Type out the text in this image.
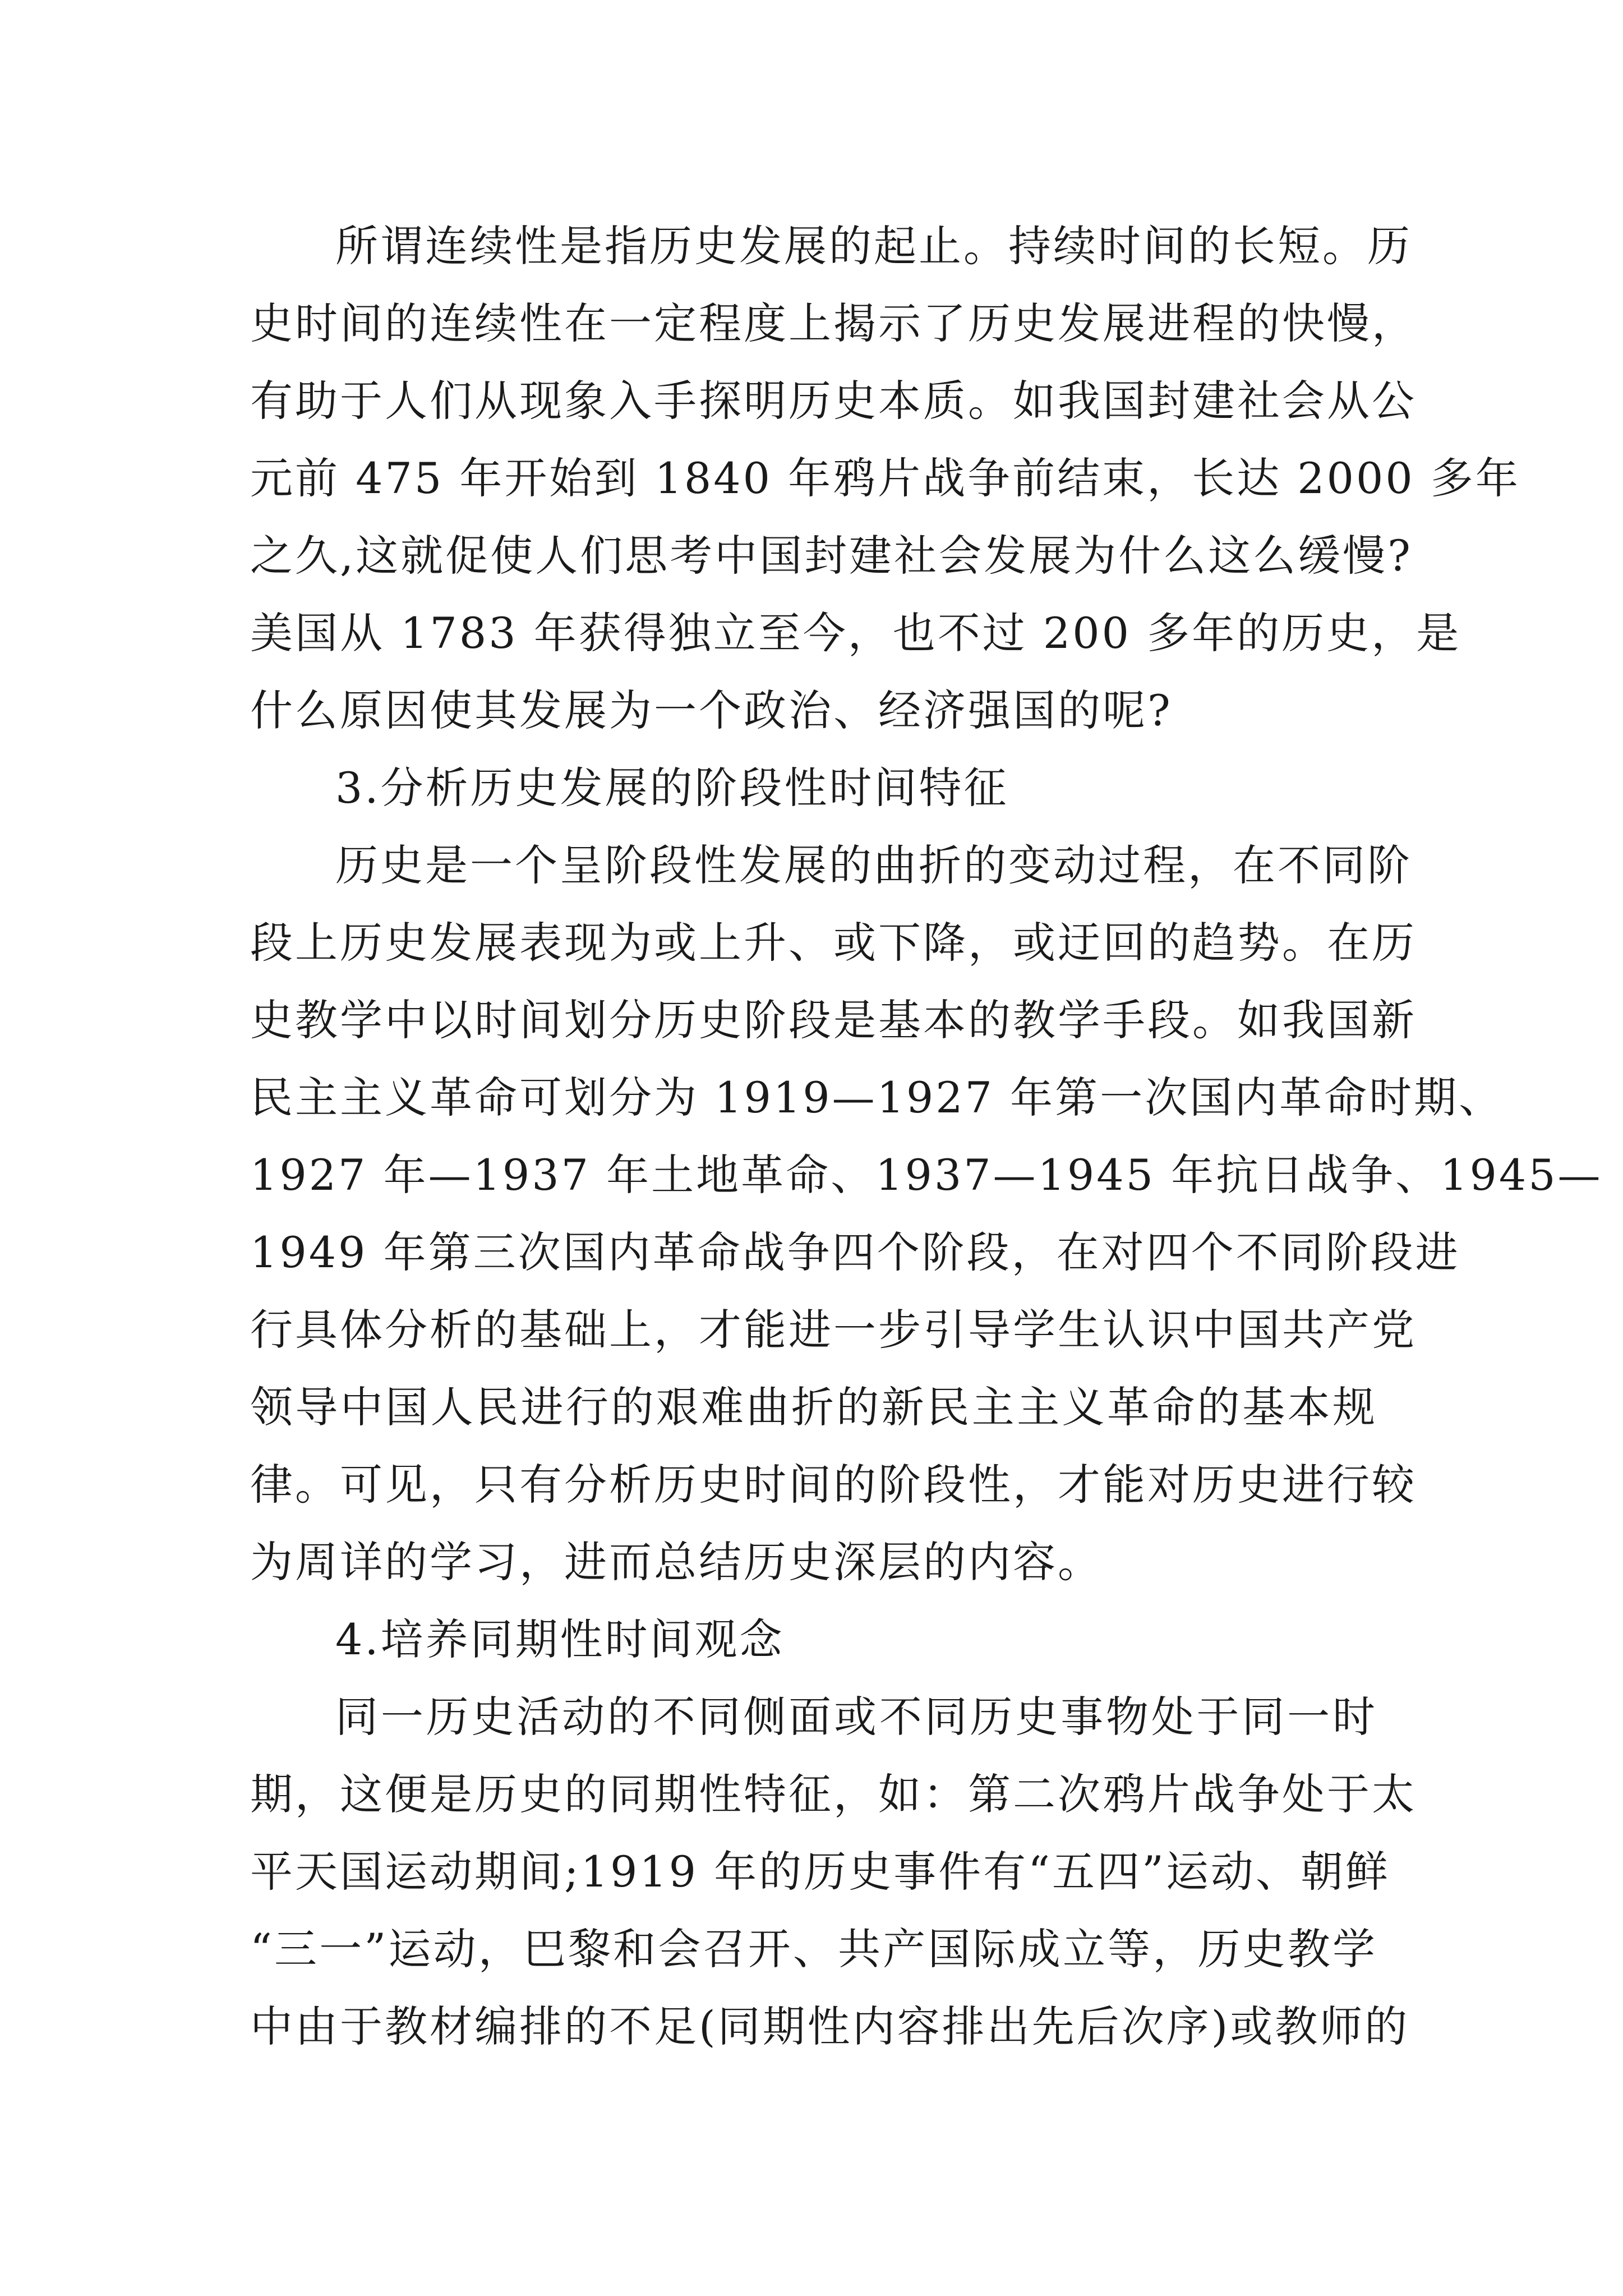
所谓连续性是指历史发展的起止。持续时间的长短。历
史时间的连续性在一定程度上揭示了历史发展进程的快慢，
有助于人们从现象入手探明历史本质。如我国封建社会从公
元前 475 年开始到 1840 年鸦片战争前结束，长达 2000 多年
之久,这就促使人们思考中国封建社会发展为什么这么缓慢?
美国从 1783 年获得独立至今，也不过 200 多年的历史，是
什么原因使其发展为一个政治、经济强国的呢?
3.分析历史发展的阶段性时间特征
历史是一个呈阶段性发展的曲折的变动过程，在不同阶
段上历史发展表现为或上升、或下降，或迂回的趋势。在历
史教学中以时间划分历史阶段是基本的教学手段。如我国新
民主主义革命可划分为 1919—1927 年第一次国内革命时期、
1927 年—1937 年土地革命、1937—1945 年抗日战争、1945—
1949 年第三次国内革命战争四个阶段，在对四个不同阶段进
行具体分析的基础上，才能进一步引导学生认识中国共产党
领导中国人民进行的艰难曲折的新民主主义革命的基本规
律。可见，只有分析历史时间的阶段性，才能对历史进行较
为周详的学习，进而总结历史深层的内容。
4.培养同期性时间观念
同一历史活动的不同侧面或不同历史事物处于同一时
期，这便是历史的同期性特征，如：第二次鸦片战争处于太
平天国运动期间;1919 年的历史事件有“五四”运动、朝鲜
“三一”运动，巴黎和会召开、共产国际成立等，历史教学
中由于教材编排的不足(同期性内容排出先后次序)或教师的
